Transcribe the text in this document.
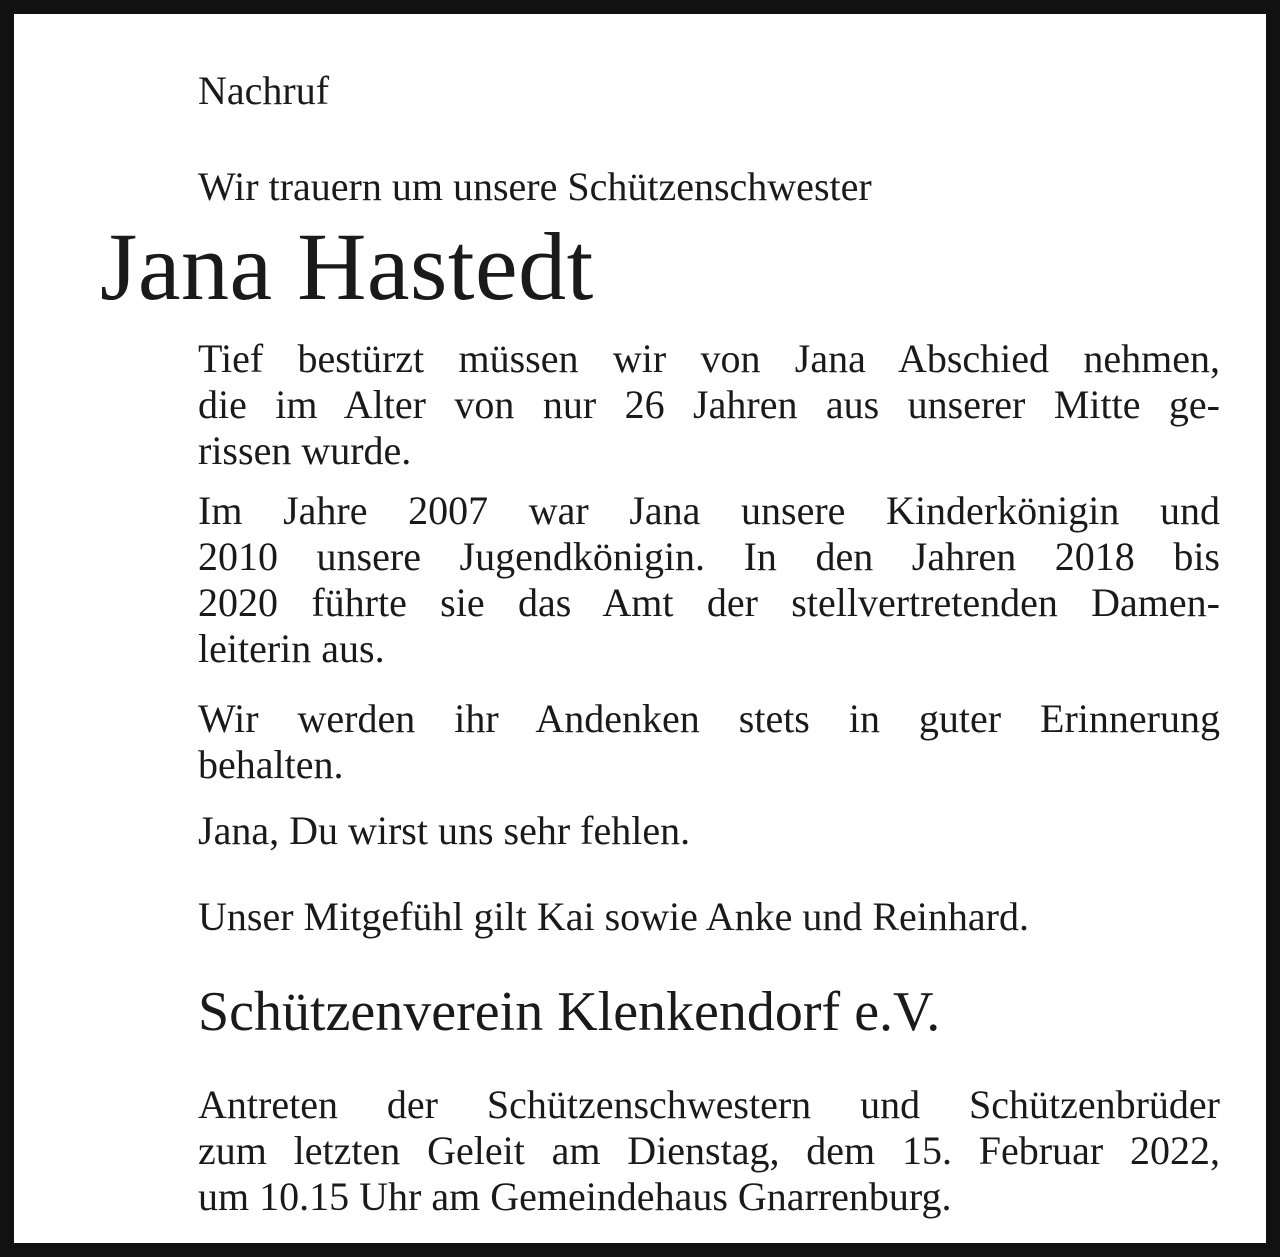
Nachruf
Wir trauern um unsere Schützenschwester
Jana Hastedt

Tief bestürzt müssen wir von Jana Abschied nehmen,
die im Alter von nur 26 Jahren aus unserer Mitte ge-
rissen wurde.

Im Jahre 2007 war Jana unsere Kinderkönigin und
2010 unsere Jugendkönigin. In den Jahren 2018 bis
2020 führte sie das Amt der stellvertretenden Damen-
leiterin aus.

Wir werden ihr Andenken stets in guter Erinnerung
behalten.

Jana, Du wirst uns sehr fehlen.

Unser Mitgefühl gilt Kai sowie Anke und Reinhard.

Schützenverein Klenkendorf e.V.

Antreten der Schützenschwestern und Schützenbrüder
zum letzten Geleit am Dienstag, dem 15. Februar 2022,
um 10.15 Uhr am Gemeindehaus Gnarrenburg.
